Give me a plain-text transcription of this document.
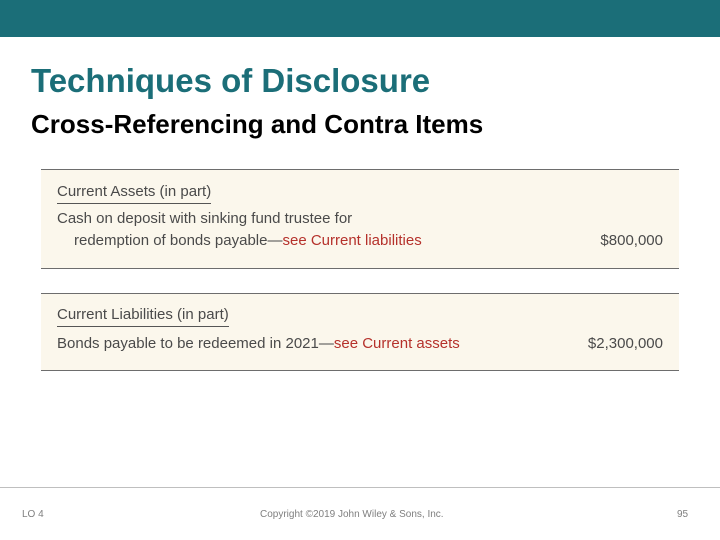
Techniques of Disclosure
Cross-Referencing and Contra Items
Current Assets (in part)
Cash on deposit with sinking fund trustee for
redemption of bonds payable—see Current liabilities	$800,000
Current Liabilities (in part)
Bonds payable to be redeemed in 2021—see Current assets	$2,300,000
LO 4	Copyright ©2019 John Wiley & Sons, Inc.	95
